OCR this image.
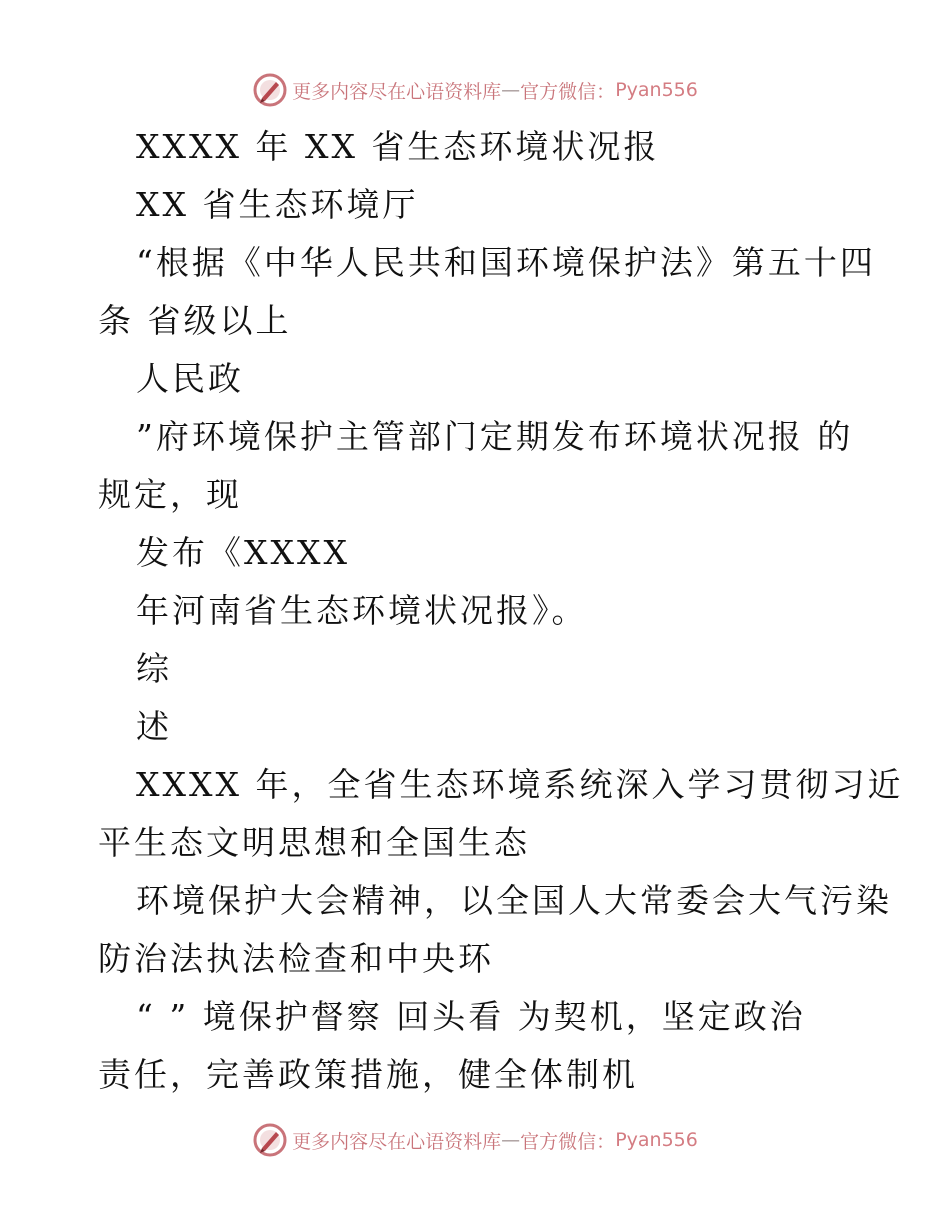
更多内容尽在心语资料库 — 官方微信： Pyan556

XXXX 年 XX 省生态环境状况报

XX 省生态环境厅

“根据《中华人民共和国环境保护法》第五十四

条 省级以上

人民政

”府环境保护主管部门定期发布环境状况报 的

规定，现

发布《XXXX

年河南省生态环境状况报》。

综

述

XXXX 年，全省生态环境系统深入学习贯彻习近

平生态文明思想和全国生态

环境保护大会精神，以全国人大常委会大气污染

防治法执法检查和中央环

“ ” 境保护督察 回头看 为契机，坚定政治

责任，完善政策措施，健全体制机

更多内容尽在心语资料库 — 官方微信： Pyan556
